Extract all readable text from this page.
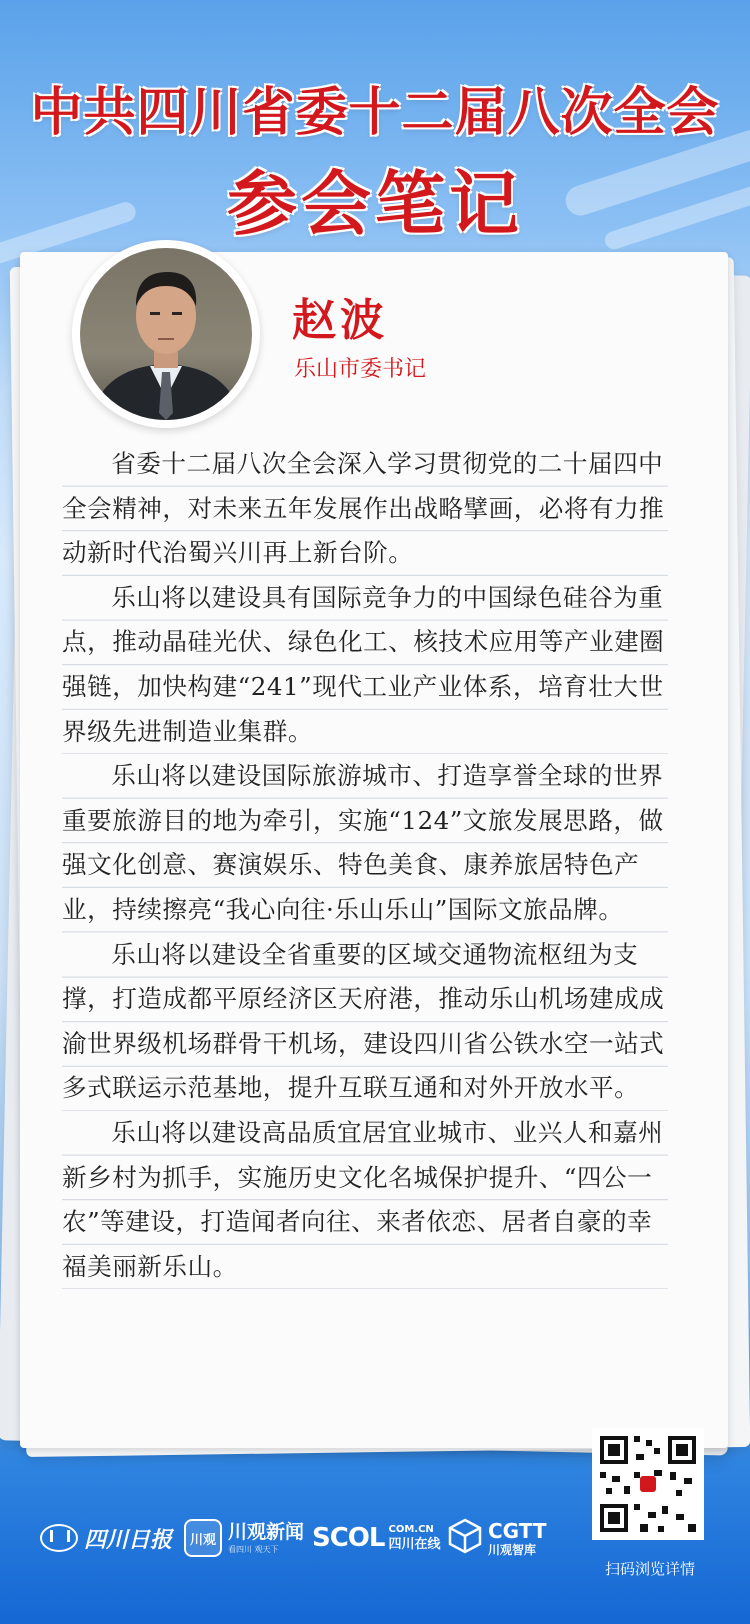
中共四川省委十二届八次全会
参会笔记
赵波
乐山市委书记

省委十二届八次全会深入学习贯彻党的二十届四中全会精神，对未来五年发展作出战略擘画，必将有力推动新时代治蜀兴川再上新台阶。

乐山将以建设具有国际竞争力的中国绿色硅谷为重点，推动晶硅光伏、绿色化工、核技术应用等产业建圈强链，加快构建“241”现代工业产业体系，培育壮大世界级先进制造业集群。

乐山将以建设国际旅游城市、打造享誉全球的世界重要旅游目的地为牵引，实施“124”文旅发展思路，做强文化创意、赛演娱乐、特色美食、康养旅居特色产业，持续擦亮“我心向往·乐山乐山”国际文旅品牌。

乐山将以建设全省重要的区域交通物流枢纽为支撑，打造成都平原经济区天府港，推动乐山机场建成成渝世界级机场群骨干机场，建设四川省公铁水空一站式多式联运示范基地，提升互联互通和对外开放水平。

乐山将以建设高品质宜居宜业城市、业兴人和嘉州新乡村为抓手，实施历史文化名城保护提升、“四公一农”等建设，打造闻者向往、来者依恋、居者自豪的幸福美丽新乐山。

四川日报	川观 川观新闻
看四川 观天下	SCOL COM.CN
四川在线
CGTT
川观智库
扫码浏览详情
